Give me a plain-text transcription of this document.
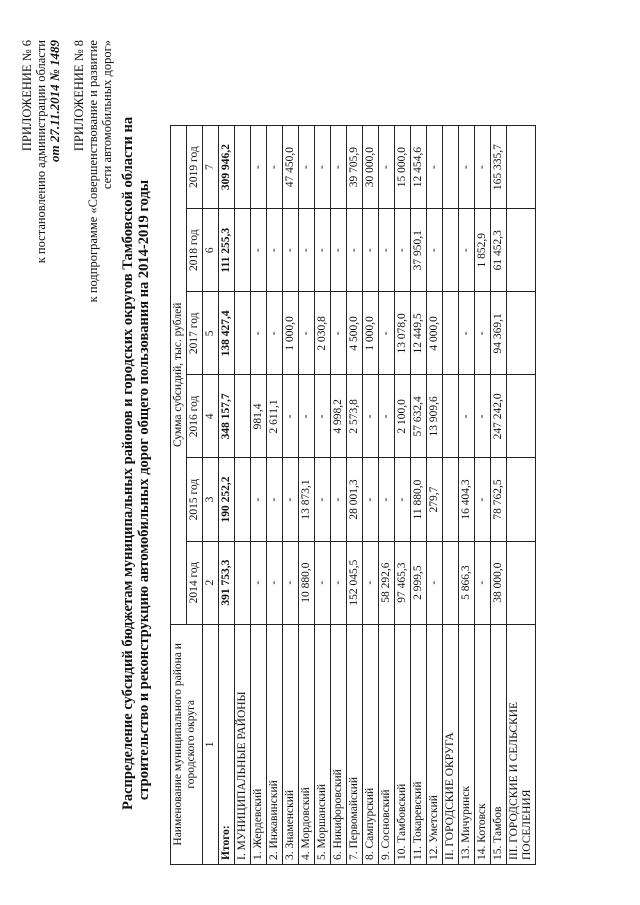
ПРИЛОЖЕНИЕ № 6 к постановлению администрации области от 27.11.2014 № 1489 ПРИЛОЖЕНИЕ № 8 к подпрограмме «Совершенствование и развитие сети автомобильных дорог»
Распределение субсидий бюджетам муниципальных районов и городских округов Тамбовской области на строительство и реконструкцию автомобильных дорог общего пользования на 2014-2019 годы Наименование муниципального района и городского округа	Сумма субсидий, тыс. рублей					
	2014 год	2015 год	2016 год	2017 год	2018 год	2019 год
1	2	3	4	5	6	7
Итого:	391 753,3	190 252,2	348 157,7	138 427,4	111 255,3	309 946,2
I. МУНИЦИПАЛЬНЫЕ РАЙОНЫ						
1. Жердевский	-	-	981,4	-	-	-
2. Инжавинский	-	-	2 611,1	-	-	-
3. Знаменский	-	-	-	1 000,0	-	47 450,0
4. Мордовский	10 880,0	13 873,1	-	-	-	-
5. Моршанский	-	-	-	2 030,8	-	-
6. Никифоровский	-	-	4 998,2	-	-	-
7. Первомайский	152 045,5	28 001,3	2 573,8	4 500,0	-	39 705,9
8. Сампурский	-	-	-	1 000,0	-	30 000,0
9. Сосновский	58 292,6	-	-	-	-	-
10. Тамбовский	97 465,3	-	2 100,0	13 078,0	-	15 000,0
11. Токаревский	2 999,5	11 880,0	57 632,4	12 449,5	37 950,1	12 454,6
12. Уметский	-	279,7	13 909,6	4 000,0	-	-
II. ГОРОДСКИЕ ОКРУГА						
13. Мичуринск	5 866,3	16 404,3	-	-	-	-
14. Котовск	-	-	-	-	1 852,9	-
15. Тамбов	38 000,0	78 762,5	247 242,0	94 369,1	61 452,3	165 335,7
III. ГОРОДСКИЕ И СЕЛЬСКИЕ ПОСЕЛЕНИЯ						
